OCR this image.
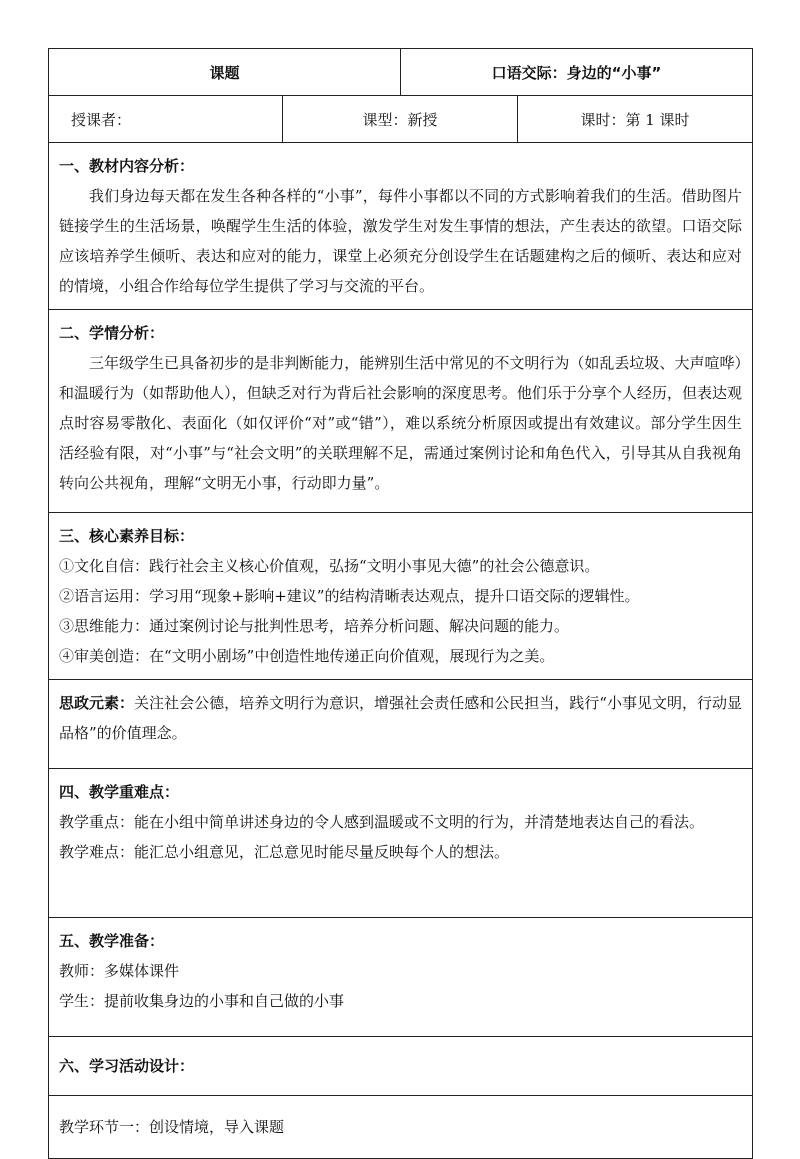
课题		口语交际：身边的“小事”	
授课者：	课型：新授		课时：第 1 课时

一、教材内容分析：

我们身边每天都在发生各种各样的“小事”，每件小事都以不同的方式影响着我们的生活。借助图片链接学生的生活场景，唤醒学生生活的体验，激发学生对发生事情的想法，产生表达的欲望。口语交际应该培养学生倾听、表达和应对的能力，课堂上必须充分创设学生在话题建构之后的倾听、表达和应对的情境，小组合作给每位学生提供了学习与交流的平台。			

二、学情分析：

三年级学生已具备初步的是非判断能力，能辨别生活中常见的不文明行为（如乱丢垃圾、大声喧哗）和温暖行为（如帮助他人），但缺乏对行为背后社会影响的深度思考。他们乐于分享个人经历，但表达观点时容易零散化、表面化（如仅评价“对”或“错”），难以系统分析原因或提出有效建议。部分学生因生活经验有限，对“小事”与“社会文明”的关联理解不足，需通过案例讨论和角色代入，引导其从自我视角转向公共视角，理解“文明无小事，行动即力量”。			

三、核心素养目标：

①文化自信：践行社会主义核心价值观，弘扬“文明小事见大德”的社会公德意识。

②语言运用：学习用“现象+影响+建议”的结构清晰表达观点，提升口语交际的逻辑性。

③思维能力：通过案例讨论与批判性思考，培养分析问题、解决问题的能力。

④审美创造：在“文明小剧场”中创造性地传递正向价值观，展现行为之美。			

思政元素：关注社会公德，培养文明行为意识，增强社会责任感和公民担当，践行“小事见文明，行动显品格”的价值理念。			

四、教学重难点：

教学重点：能在小组中简单讲述身边的令人感到温暖或不文明的行为，并清楚地表达自己的看法。

教学难点：能汇总小组意见，汇总意见时能尽量反映每个人的想法。			

五、教学准备：

教师：多媒体课件

学生：提前收集身边的小事和自己做的小事			

六、学习活动设计：			

教学环节一：创设情境，导入课题			
